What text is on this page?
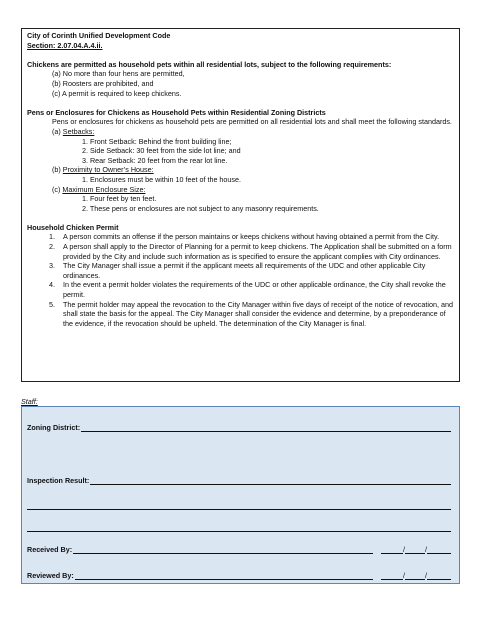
City of Corinth Unified Development Code

Section: 2.07.04.A.4.ii.

Chickens are permitted as household pets within all residential lots, subject to the following requirements:

(a) No more than four hens are permitted,

(b) Roosters are prohibited, and

(c) A permit is required to keep chickens.

Pens or Enclosures for Chickens as Household Pets within Residential Zoning Districts

Pens or enclosures for chickens as household pets are permitted on all residential lots and shall meet the following standards.

(a) Setbacks:

1. Front Setback: Behind the front building line;

2. Side Setback: 30 feet from the side lot line; and

3. Rear Setback: 20 feet from the rear lot line.

(b) Proximity to Owner’s House:

1. Enclosures must be within 10 feet of the house.

(c) Maximum Enclosure Size:

1. Four feet by ten feet.

2. These pens or enclosures are not subject to any masonry requirements.

Household Chicken Permit

1.	A person commits an offense if the person maintains or keeps chickens without having obtained a permit from the City.
2.	A person shall apply to the Director of Planning for a permit to keep chickens. The Application shall be submitted on a form provided by the City and include such information as is specified to ensure the applicant complies with City ordinances.
3.	The City Manager shall issue a permit if the applicant meets all requirements of the UDC and other applicable City ordinances.
4.	In the event a permit holder violates the requirements of the UDC or other applicable ordinance, the City shall revoke the permit.
5.	The permit holder may appeal the revocation to the City Manager within five days of receipt of the notice of revocation, and shall state the basis for the appeal. The City Manager shall consider the evidence and determine, by a preponderance of the evidence, if the revocation should be upheld. The determination of the City Manager is final.
Staff:
Zoning District:
Inspection Result:
Received By:	/	/
Reviewed By:	/	/
